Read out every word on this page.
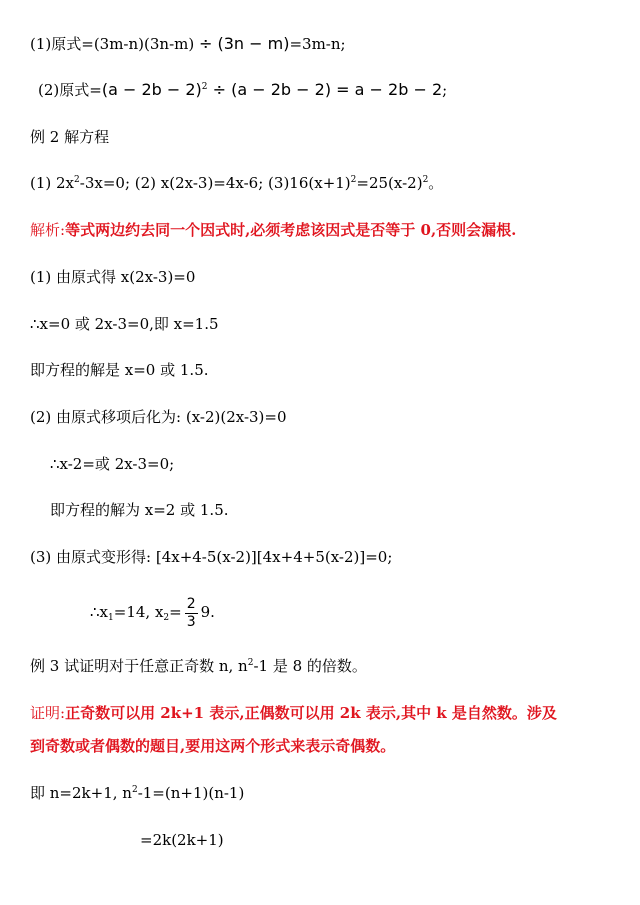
(1)原式=(3m-n)(3n-m) ÷ (3n − m)=3m-n;
(2)原式$=(a - 2b - 2)^2 \div (a - 2b - 2) = a - 2b - 2$;
例 2 解方程
(1) $2x^2-3x=0$; (2) x(2x-3)=4x-6; $(3)16(x+1)^2=25(x-2)^2$。
解析:等式两边约去同一个因式时,必须考虑该因式是否等于 0,否则会漏根.
(1) 由原式得 x(2x-3)=0
∴x=0 或 2x-3=0,即 x=1.5
即方程的解是 x=0 或 1.5.
(2) 由原式移项后化为: (x-2)(2x-3)=0
∴x-2=或 2x-3=0;
即方程的解为 x=2 或 1.5.
(3) 由原式变形得: [4x+4-5(x-2)][4x+4+5(x-2)]=0;
$\therefore x_1=14$, $x_2= \frac{2}{3} 9$.
例 3 试证明对于任意正奇数 n, $n^2-1$ 是 8 的倍数。
证明:正奇数可以用 2k+1 表示,正偶数可以用 2k 表示,其中 k 是自然数。涉及
到奇数或者偶数的题目,要用这两个形式来表示奇偶数。
即 n=2k+1, $n^2-1=(n+1)(n-1)$
=2k(2k+1)
